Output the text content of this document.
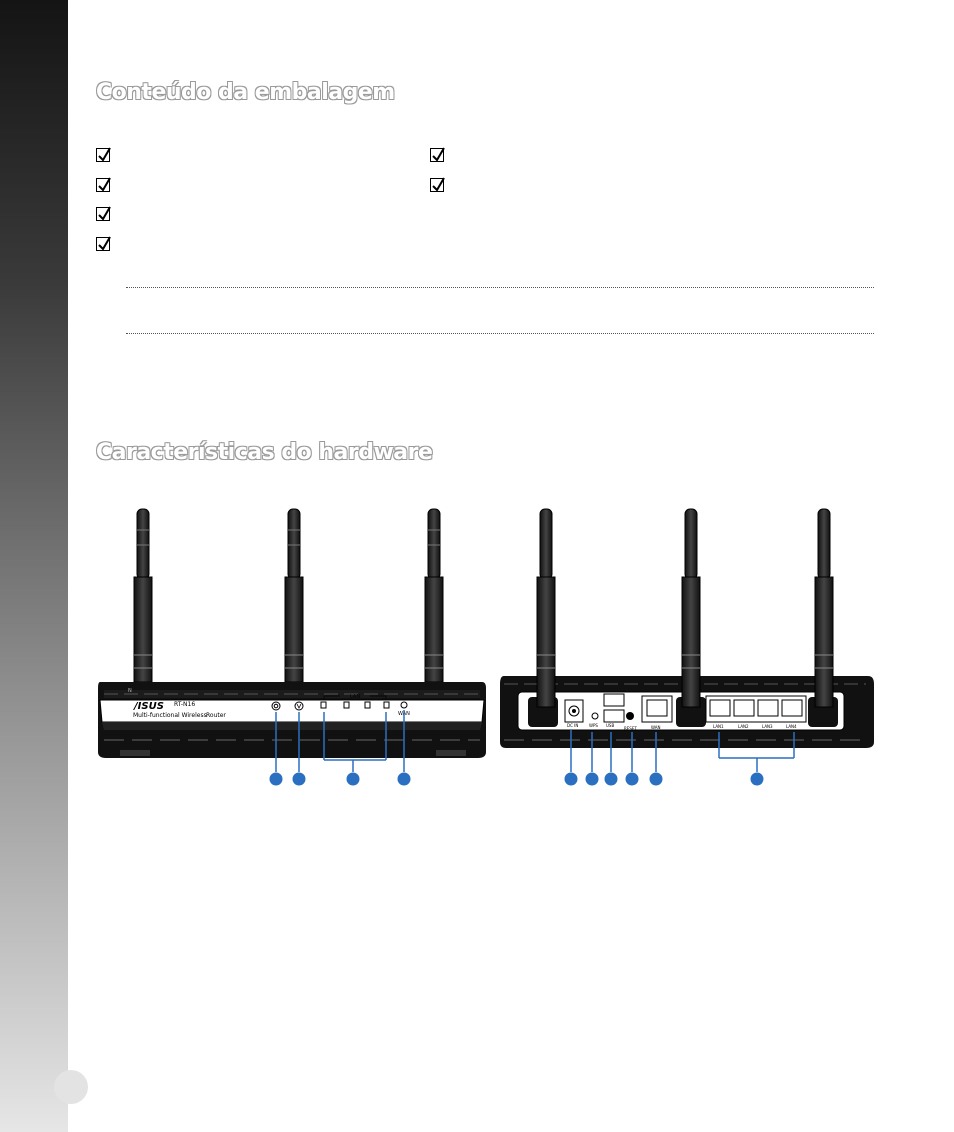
Conteúdo da embalagem
Características do hardware
N
/ISUS RT-N16
Multi-functional Wireless Router
LAN
WAN
DC IN	WPS USB
RESET	WAN	LAN1	LAN2	LAN3	LAN4
